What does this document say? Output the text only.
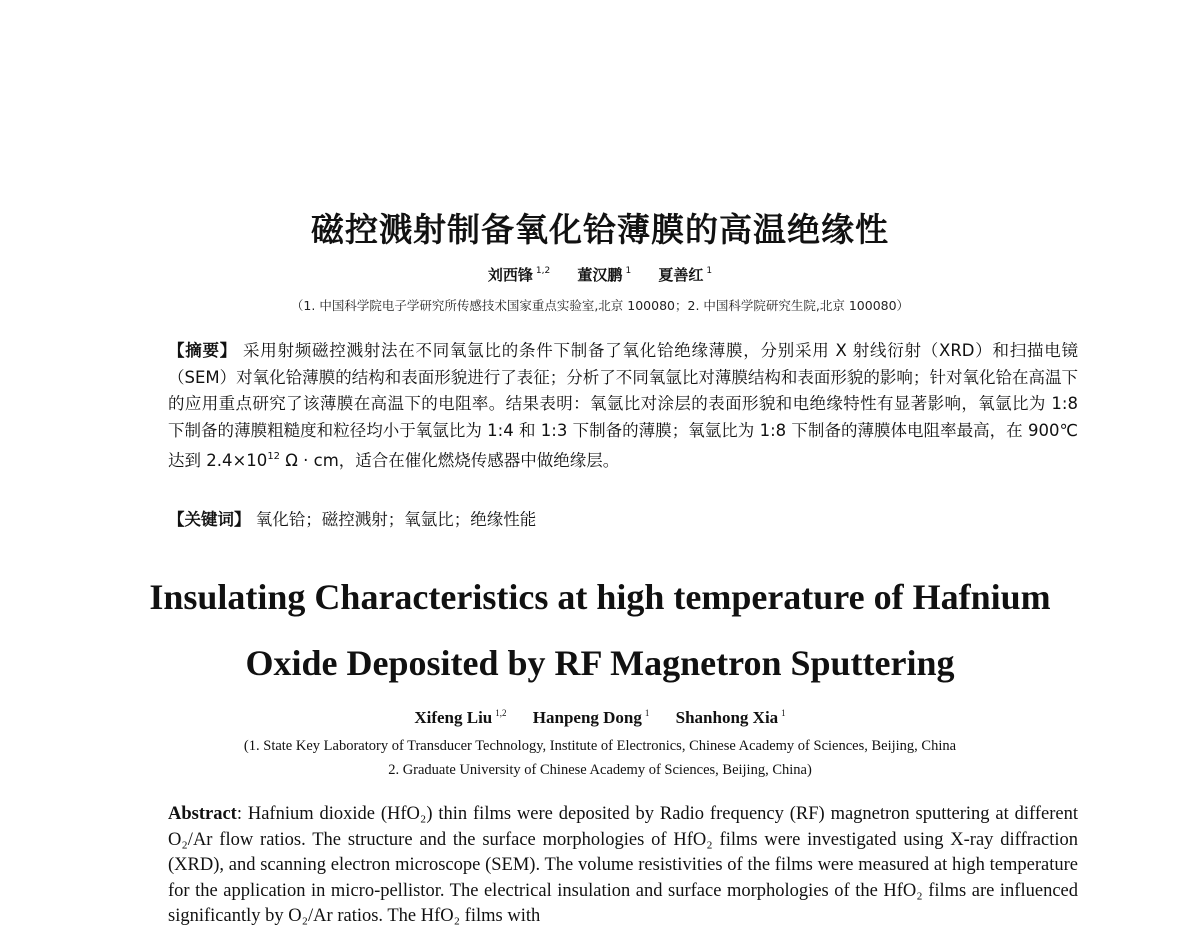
磁控溅射制备氧化铪薄膜的高温绝缘性
刘西锋 $^{1,2}$ 董汉鹏 $^1$ 夏善红 $^1$
（1. 中国科学院电子学研究所传感技术国家重点实验室,北京 100080；2. 中国科学院研究生院,北京 100080）
【摘要】 采用射频磁控溅射法在不同氧氩比的条件下制备了氧化铪绝缘薄膜，分别采用 X 射线衍射（XRD）和扫描电镜（SEM）对氧化铪薄膜的结构和表面形貌进行了表征；分析了不同氧氩比对薄膜结构和表面形貌的影响；针对氧化铪在高温下的应用重点研究了该薄膜在高温下的电阻率。结果表明：氧氩比对涂层的表面形貌和电绝缘特性有显著影响，氧氩比为 1:8 下制备的薄膜粗糙度和粒径均小于氧氩比为 1:4 和 1:3 下制备的薄膜；氧氩比为 1:8 下制备的薄膜体电阻率最高，在 900℃达到 $2.4\times 10^{12}$ Ω · cm，适合在催化燃烧传感器中做绝缘层。
【关键词】 氧化铪；磁控溅射；氧氩比；绝缘性能
Insulating Characteristics at high temperature of Hafnium
Oxide Deposited by RF Magnetron Sputtering
Xifeng Liu $^{1,2}$ Hanpeng Dong $^1$ Shanhong Xia $^1$
(1. State Key Laboratory of Transducer Technology, Institute of Electronics, Chinese Academy of Sciences, Beijing, China
2. Graduate University of Chinese Academy of Sciences, Beijing, China)
Abstract: Hafnium dioxide (HfO₂) thin films were deposited by Radio frequency (RF) magnetron sputtering at different O₂/Ar flow ratios. The structure and the surface morphologies of HfO₂ films were investigated using X-ray diffraction (XRD), and scanning electron microscope (SEM). The volume resistivities of the films were measured at high temperature for the application in micro-pellistor. The electrical insulation and surface morphologies of the HfO₂ films are influenced significantly by O₂/Ar ratios. The HfO₂ films with
